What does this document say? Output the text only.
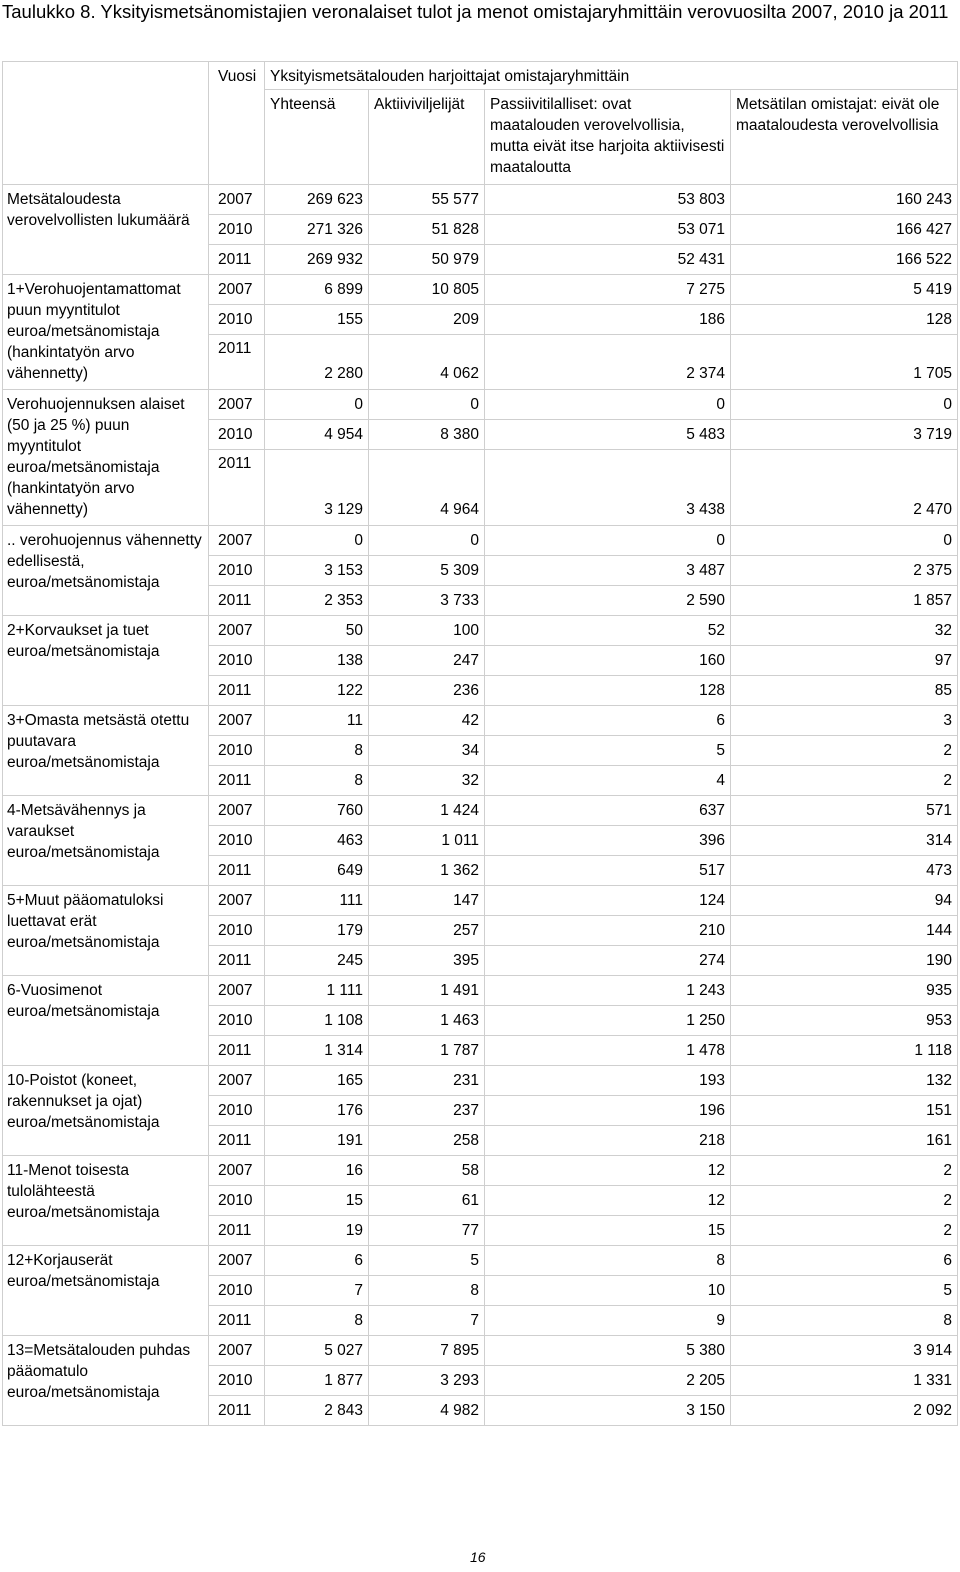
Taulukko 8. Yksityismetsänomistajien veronalaiset tulot ja menot omistajaryhmittäin verovuosilta 2007, 2010 ja 2011
	Vuosi	Yksityismetsätalouden harjoittajat omistajaryhmittäin			
		Yhteensä	Aktiiviviljelijät	Passiivitilalliset: ovat maatalouden verovelvollisia, mutta eivät itse harjoita aktiivisesti maataloutta	Metsätilan omistajat: eivät ole maataloudesta verovelvollisia
Metsätaloudesta verovelvollisten lukumäärä	2007	269 623	55 577	53 803	160 243
	2010	271 326	51 828	53 071	166 427
	2011	269 932	50 979	52 431	166 522
1+Verohuojentamattomat puun myyntitulot euroa/metsänomistaja (hankintatyön arvo vähennetty)	2007	6 899	10 805	7 275	5 419
	2010	155	209	186	128
	2011	2 280	4 062	2 374	1 705
Verohuojennuksen alaiset (50 ja 25 %) puun myyntitulot euroa/metsänomistaja (hankintatyön arvo vähennetty)	2007	0	0	0	0
	2010	4 954	8 380	5 483	3 719
	2011	3 129	4 964	3 438	2 470
.. verohuojennus vähennetty edellisestä, euroa/metsänomistaja	2007	0	0	0	0
	2010	3 153	5 309	3 487	2 375
	2011	2 353	3 733	2 590	1 857
2+Korvaukset ja tuet euroa/metsänomistaja	2007	50	100	52	32
	2010	138	247	160	97
	2011	122	236	128	85
3+Omasta metsästä otettu puutavara euroa/metsänomistaja	2007	11	42	6	3
	2010	8	34	5	2
	2011	8	32	4	2
4-Metsävähennys ja varaukset euroa/metsänomistaja	2007	760	1 424	637	571
	2010	463	1 011	396	314
	2011	649	1 362	517	473
5+Muut pääomatuloksi luettavat erät euroa/metsänomistaja	2007	111	147	124	94
	2010	179	257	210	144
	2011	245	395	274	190
6-Vuosimenot euroa/metsänomistaja	2007	1 111	1 491	1 243	935
	2010	1 108	1 463	1 250	953
	2011	1 314	1 787	1 478	1 118
10-Poistot (koneet, rakennukset ja ojat) euroa/metsänomistaja	2007	165	231	193	132
	2010	176	237	196	151
	2011	191	258	218	161
11-Menot toisesta tulolähteestä euroa/metsänomistaja	2007	16	58	12	2
	2010	15	61	12	2
	2011	19	77	15	2
12+Korjauserät euroa/metsänomistaja	2007	6	5	8	6
	2010	7	8	10	5
	2011	8	7	9	8
13=Metsätalouden puhdas pääomatulo euroa/metsänomistaja	2007	5 027	7 895	5 380	3 914
	2010	1 877	3 293	2 205	1 331
	2011	2 843	4 982	3 150	2 092
16
